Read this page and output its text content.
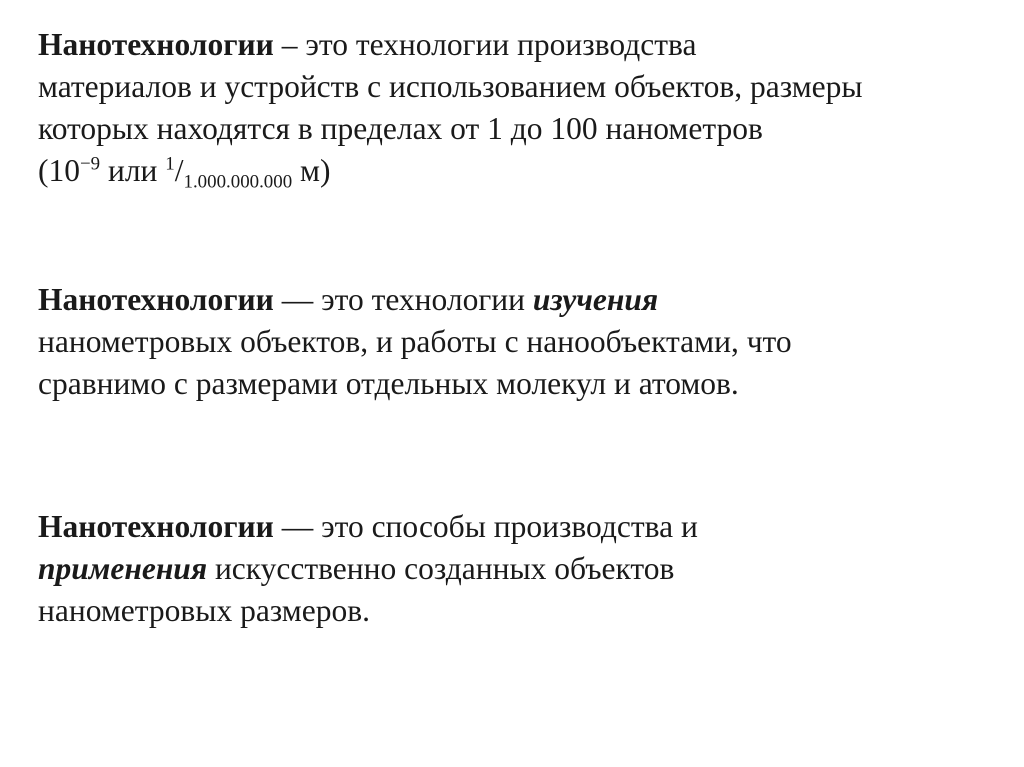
Нанотехнологии – это технологии производства
материалов и устройств с использованием объектов, размеры
которых находятся в пределах от 1 до 100 нанометров
($10^{-9}$ или $^1/_{1.000.000.000}$ м)

Нанотехнологии — это технологии изучения
нанометровых объектов, и работы с нанообъектами, что
сравнимо с размерами отдельных молекул и атомов.

Нанотехнологии — это способы производства и
применения искусственно созданных объектов
нанометровых размеров.
